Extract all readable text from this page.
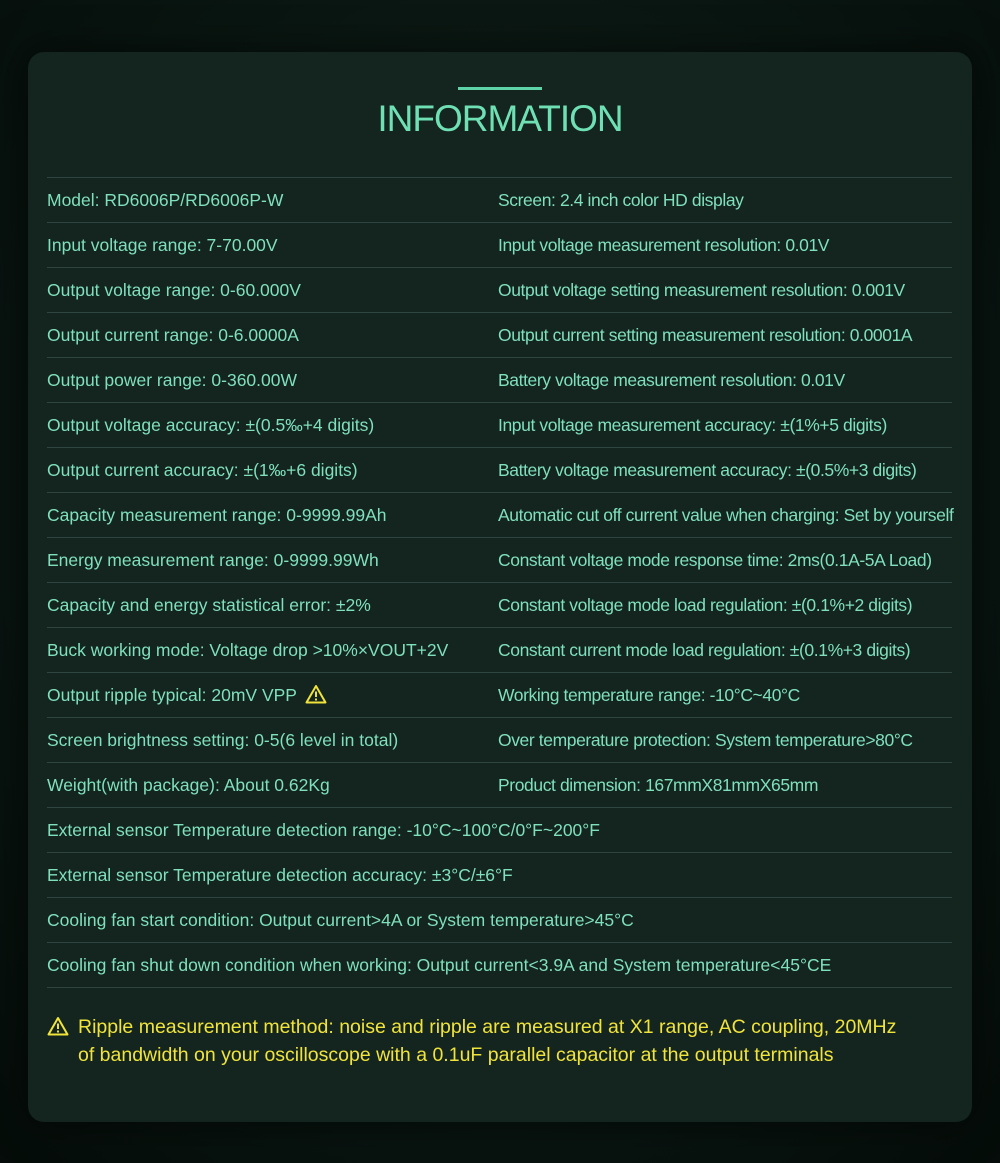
INFORMATION
Model: RD6006P/RD6006P-W	Screen: 2.4 inch color HD display
Input voltage range: 7-70.00V	Input voltage measurement resolution: 0.01V
Output voltage range: 0-60.000V	Output voltage setting measurement resolution: 0.001V
Output current range: 0-6.0000A	Output current setting measurement resolution: 0.0001A
Output power range: 0-360.00W	Battery voltage measurement resolution: 0.01V
Output voltage accuracy: ±(0.5‰+4 digits)	Input voltage measurement accuracy: ±(1%+5 digits)
Output current accuracy: ±(1‰+6 digits)	Battery voltage measurement accuracy: ±(0.5%+3 digits)
Capacity measurement range: 0-9999.99Ah	Automatic cut off current value when charging: Set by yourself
Energy measurement range: 0-9999.99Wh	Constant voltage mode response time: 2ms(0.1A-5A Load)
Capacity and energy statistical error: ±2%	Constant voltage mode load regulation: ±(0.1%+2 digits)
Buck working mode: Voltage drop >10%×VOUT+2V	Constant current mode load regulation: ±(0.1%+3 digits)
Output ripple typical: 20mV VPP	Working temperature range: -10°C~40°C
Screen brightness setting: 0-5(6 level in total)	Over temperature protection: System temperature>80°C
Weight(with package): About 0.62Kg	Product dimension: 167mmX81mmX65mm
External sensor Temperature detection range: -10°C~100°C/0°F~200°F
External sensor Temperature detection accuracy: ±3°C/±6°F
Cooling fan start condition: Output current>4A or System temperature>45°C
Cooling fan shut down condition when working: Output current<3.9A and System temperature<45°CE
Ripple measurement method: noise and ripple are measured at X1 range, AC coupling, 20MHz
of bandwidth on your oscilloscope with a 0.1uF parallel capacitor at the output terminals
